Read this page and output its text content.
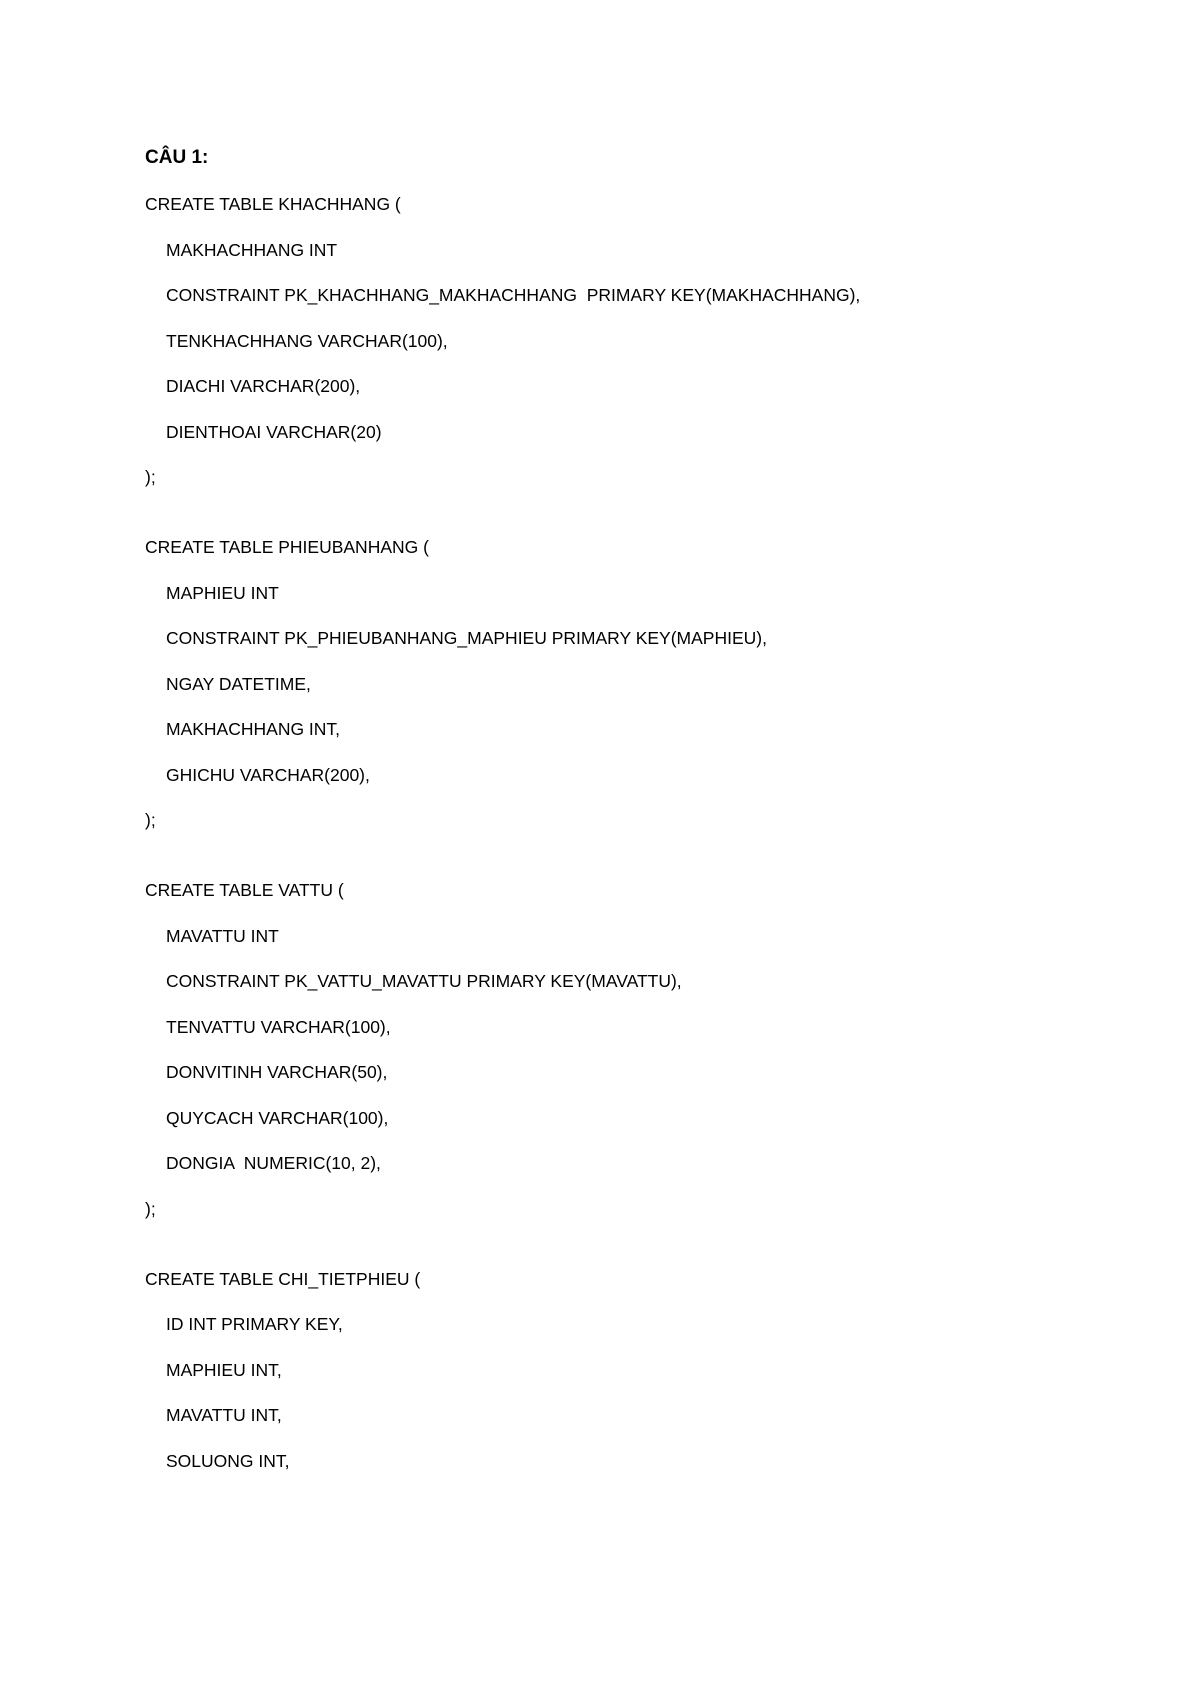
CÂU 1:
CREATE TABLE KHACHHANG (
MAKHACHHANG INT
CONSTRAINT PK_KHACHHANG_MAKHACHHANG  PRIMARY KEY(MAKHACHHANG),
TENKHACHHANG VARCHAR(100),
DIACHI VARCHAR(200),
DIENTHOAI VARCHAR(20)
);
CREATE TABLE PHIEUBANHANG (
MAPHIEU INT
CONSTRAINT PK_PHIEUBANHANG_MAPHIEU PRIMARY KEY(MAPHIEU),
NGAY DATETIME,
MAKHACHHANG INT,
GHICHU VARCHAR(200),
);
CREATE TABLE VATTU (
MAVATTU INT
CONSTRAINT PK_VATTU_MAVATTU PRIMARY KEY(MAVATTU),
TENVATTU VARCHAR(100),
DONVITINH VARCHAR(50),
QUYCACH VARCHAR(100),
DONGIA  NUMERIC(10, 2),
);
CREATE TABLE CHI_TIETPHIEU (
ID INT PRIMARY KEY,
MAPHIEU INT,
MAVATTU INT,
SOLUONG INT,
